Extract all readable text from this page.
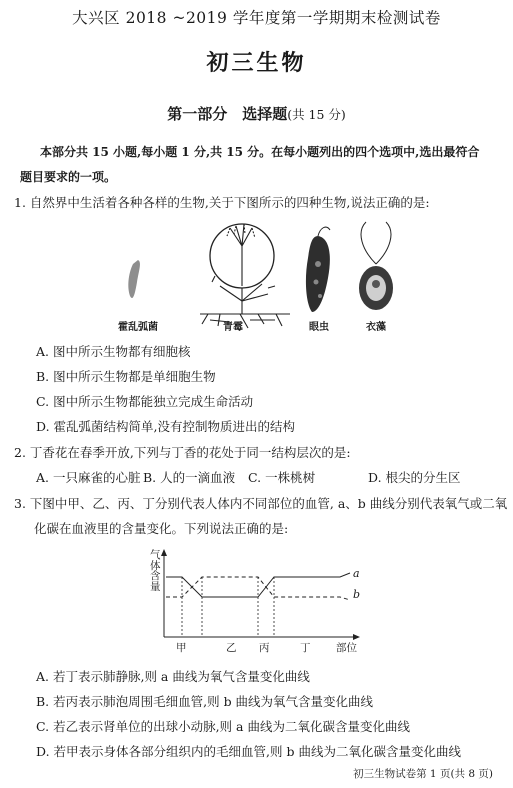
大兴区 2018 ~2019 学年度第一学期期末检测试卷
初三生物
第一部分　选择题(共 15 分)
本部分共 15 小题,每小题 1 分,共 15 分。在每小题列出的四个选项中,选出最符合
题目要求的一项。
1. 自然界中生活着各种各样的生物,关于下图所示的四种生物,说法正确的是:
霍乱弧菌	青霉	眼虫	衣藻
A. 图中所示生物都有细胞核
B. 图中所示生物都是单细胞生物
C. 图中所示生物都能独立完成生命活动
D. 霍乱弧菌结构简单,没有控制物质进出的结构
2. 丁香花在春季开放,下列与丁香的花处于同一结构层次的是:
A. 一只麻雀的心脏 B. 人的一滴血液 C. 一株桃树	D. 根尖的分生区
3. 下图中甲、乙、丙、丁分别代表人体内不同部位的血管, a、b 曲线分别代表氧气或二氧
化碳在血液里的含量变化。下列说法正确的是:
气
体
含
量
a
b
甲	乙 丙	丁 部位
A. 若丁表示肺静脉,则 a 曲线为氧气含量变化曲线
B. 若丙表示肺泡周围毛细血管,则 b 曲线为氧气含量变化曲线
C. 若乙表示肾单位的出球小动脉,则 a 曲线为二氧化碳含量变化曲线
D. 若甲表示身体各部分组织内的毛细血管,则 b 曲线为二氧化碳含量变化曲线
初三生物试卷第 1 页(共 8 页)
